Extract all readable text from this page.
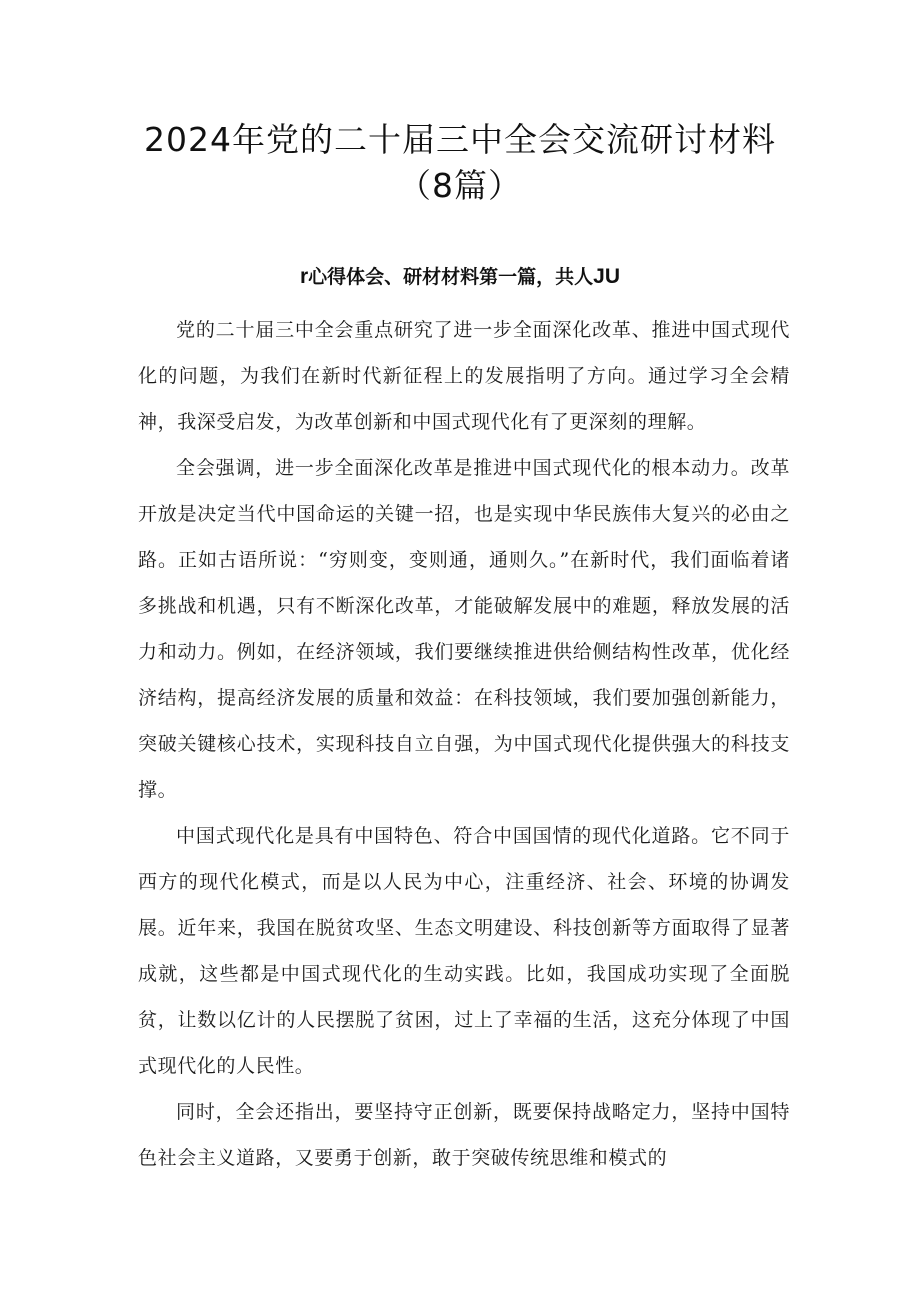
2024年党的二十届三中全会交流研讨材料
（8篇）
r心得体会、研材材料第一篇，共人JU

党的二十届三中全会重点研究了进一步全面深化改革、推进中国式现代化的问题，为我们在新时代新征程上的发展指明了方向。通过学习全会精神，我深受启发，为改革创新和中国式现代化有了更深刻的理解。

全会强调，进一步全面深化改革是推进中国式现代化的根本动力。改革开放是决定当代中国命运的关键一招，也是实现中华民族伟大复兴的必由之路。正如古语所说：“穷则变，变则通，通则久。”在新时代，我们面临着诸多挑战和机遇，只有不断深化改革，才能破解发展中的难题，释放发展的活力和动力。例如，在经济领域，我们要继续推进供给侧结构性改革，优化经济结构，提高经济发展的质量和效益：在科技领域，我们要加强创新能力，突破关键核心技术，实现科技自立自强，为中国式现代化提供强大的科技支撑。

中国式现代化是具有中国特色、符合中国国情的现代化道路。它不同于西方的现代化模式，而是以人民为中心，注重经济、社会、环境的协调发展。近年来，我国在脱贫攻坚、生态文明建设、科技创新等方面取得了显著成就，这些都是中国式现代化的生动实践。比如，我国成功实现了全面脱贫，让数以亿计的人民摆脱了贫困，过上了幸福的生活，这充分体现了中国式现代化的人民性。

同时，全会还指出，要坚持守正创新，既要保持战略定力，坚持中国特色社会主义道路，又要勇于创新，敢于突破传统思维和模式的
